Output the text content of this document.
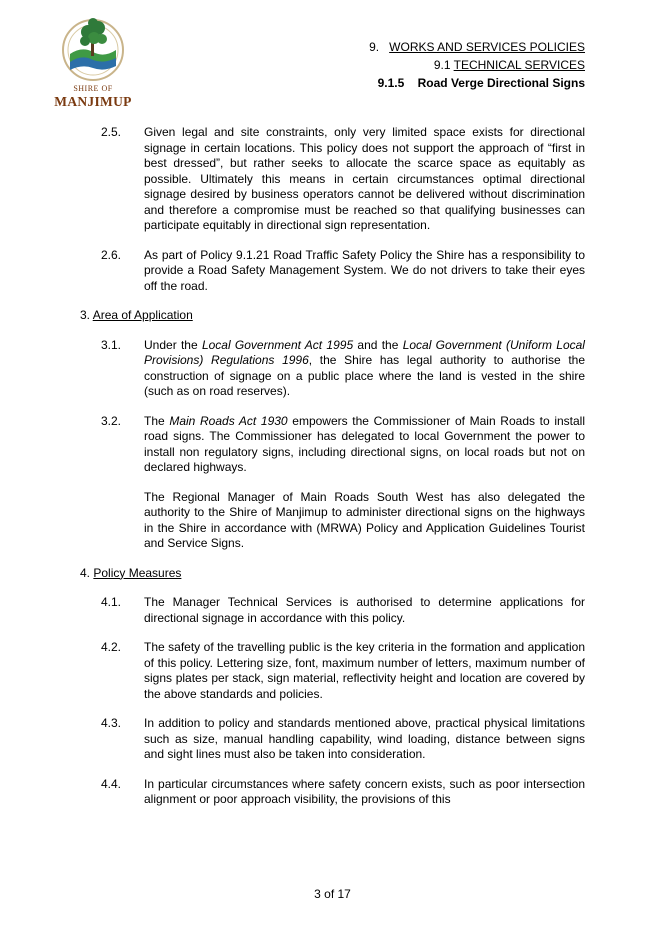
SHIRE OF
MANJIMUP
9. WORKS AND SERVICES POLICIES
9.1 TECHNICAL SERVICES
9.1.5 Road Verge Directional Signs
2.5. Given legal and site constraints, only very limited space exists for directional signage in certain locations. This policy does not support the approach of “first in best dressed”, but rather seeks to allocate the scarce space as equitably as possible. Ultimately this means in certain circumstances optimal directional signage desired by business operators cannot be delivered without discrimination and therefore a compromise must be reached so that qualifying businesses can participate equitably in directional sign representation.
2.6. As part of Policy 9.1.21 Road Traffic Safety Policy the Shire has a responsibility to provide a Road Safety Management System. We do not drivers to take their eyes off the road.
3. Area of Application
3.1. Under the Local Government Act 1995 and the Local Government (Uniform Local Provisions) Regulations 1996, the Shire has legal authority to authorise the construction of signage on a public place where the land is vested in the shire (such as on road reserves).
3.2. The Main Roads Act 1930 empowers the Commissioner of Main Roads to install road signs. The Commissioner has delegated to local Government the power to install non regulatory signs, including directional signs, on local roads but not on declared highways.
The Regional Manager of Main Roads South West has also delegated the authority to the Shire of Manjimup to administer directional signs on the highways in the Shire in accordance with (MRWA) Policy and Application Guidelines Tourist and Service Signs.
4. Policy Measures
4.1. The Manager Technical Services is authorised to determine applications for directional signage in accordance with this policy.
4.2. The safety of the travelling public is the key criteria in the formation and application of this policy. Lettering size, font, maximum number of letters, maximum number of signs plates per stack, sign material, reflectivity height and location are covered by the above standards and policies.
4.3. In addition to policy and standards mentioned above, practical physical limitations such as size, manual handling capability, wind loading, distance between signs and sight lines must also be taken into consideration.
4.4. In particular circumstances where safety concern exists, such as poor intersection alignment or poor approach visibility, the provisions of this
3 of 17
